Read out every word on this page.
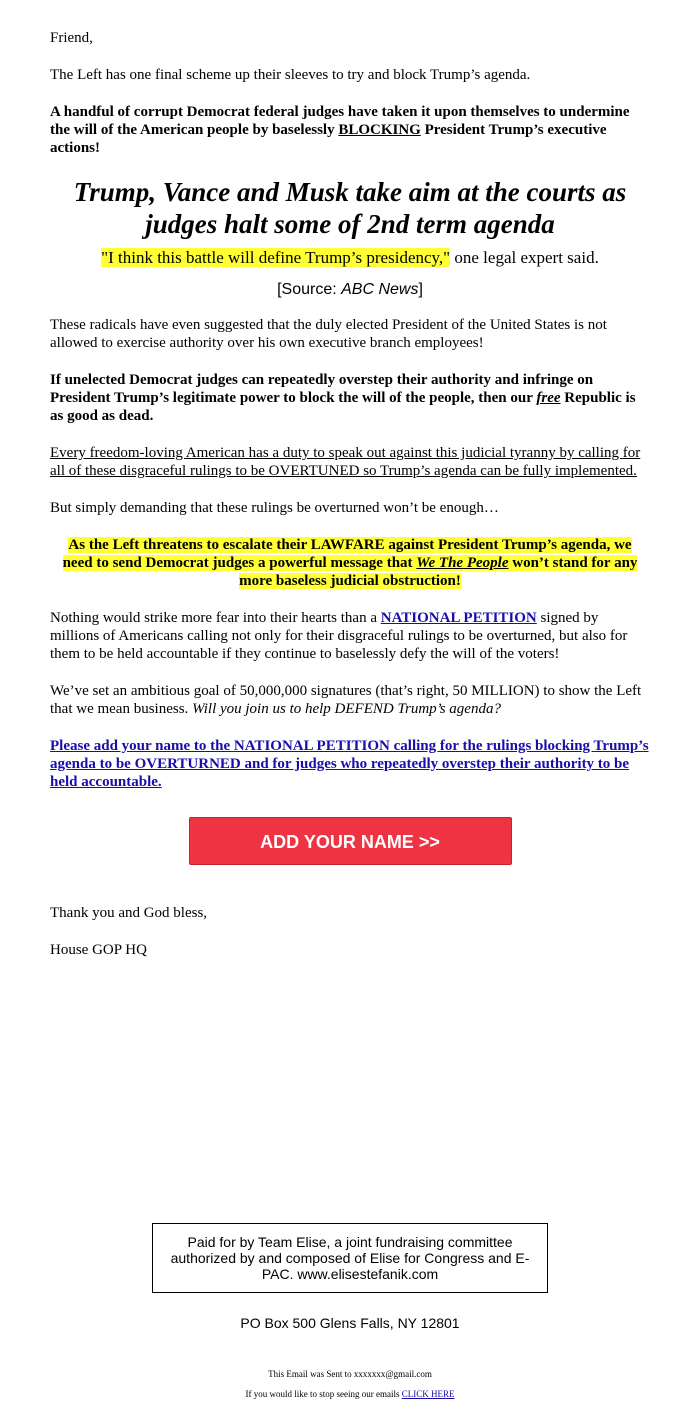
Friend,

The Left has one final scheme up their sleeves to try and block Trump’s agenda.

A handful of corrupt Democrat federal judges have taken it upon themselves to undermine the will of the American people by baselessly BLOCKING President Trump’s executive actions!

Trump, Vance and Musk take aim at the courts as judges halt some of 2nd term agenda
"I think this battle will define Trump’s presidency," one legal expert said.
[Source: ABC News]

These radicals have even suggested that the duly elected President of the United States is not allowed to exercise authority over his own executive branch employees!

If unelected Democrat judges can repeatedly overstep their authority and infringe on President Trump’s legitimate power to block the will of the people, then our free Republic is as good as dead.

Every freedom-loving American has a duty to speak out against this judicial tyranny by calling for all of these disgraceful rulings to be OVERTUNED so Trump’s agenda can be fully implemented.

But simply demanding that these rulings be overturned won’t be enough…

As the Left threatens to escalate their LAWFARE against President Trump’s agenda, we need to send Democrat judges a powerful message that We The People won’t stand for any more baseless judicial obstruction!

Nothing would strike more fear into their hearts than a NATIONAL PETITION signed by millions of Americans calling not only for their disgraceful rulings to be overturned, but also for them to be held accountable if they continue to baselessly defy the will of the voters!

We’ve set an ambitious goal of 50,000,000 signatures (that’s right, 50 MILLION) to show the Left that we mean business. Will you join us to help DEFEND Trump’s agenda?

Please add your name to the NATIONAL PETITION calling for the rulings blocking Trump’s agenda to be OVERTURNED and for judges who repeatedly overstep their authority to be held accountable.

ADD YOUR NAME >>

Thank you and God bless,

House GOP HQ

Paid for by Team Elise, a joint fundraising committee authorized by and composed of Elise for Congress and E-PAC. www.elisestefanik.com
PO Box 500 Glens Falls, NY 12801
This Email was Sent to xxxxxxx@gmail.com
If you would like to stop seeing our emails CLICK HERE
